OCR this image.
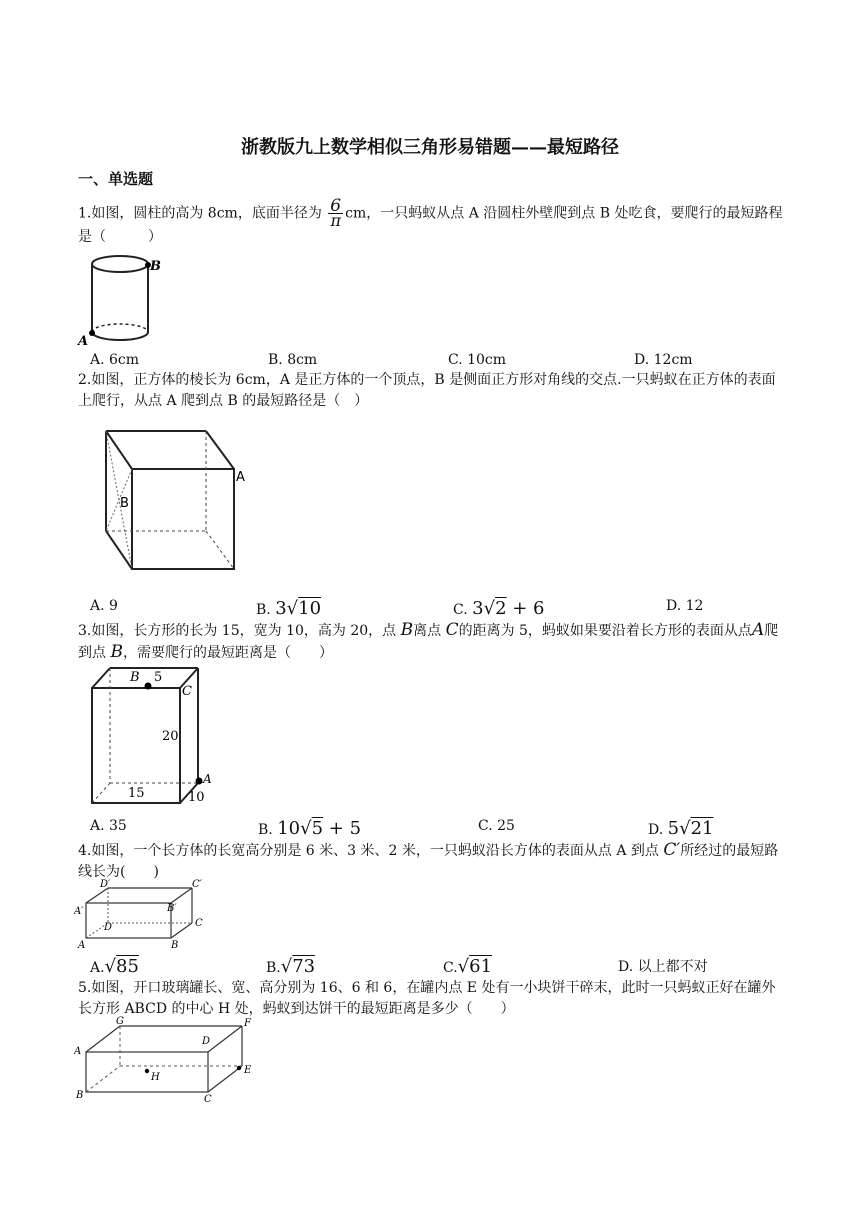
浙教版九上数学相似三角形易错题——最短路径
一、单选题
1.如图，圆柱的高为 8cm，底面半径为 $\frac{6}{\pi}$ cm，一只蚂蚁从点 A 沿圆柱外壁爬到点 B 处吃食，要爬行的最短路程是（　　　）
B
A
A. 6cm	B. 8cm	C. 10cm	D. 12cm
2.如图，正方体的棱长为 6cm，A 是正方体的一个顶点，B 是侧面正方形对角线的交点.一只蚂蚁在正方体的表面上爬行，从点 A 爬到点 B 的最短路径是（　）
B
A
A. 9	B. 3√10	C. 3√2 + 6	D. 12
3.如图，长方形的长为 15，宽为 10，高为 20，点 B离点 C的距离为 5，蚂蚁如果要沿着长方形的表面从点A爬到点 B，需要爬行的最短距离是（　　）
B 5
C
20
A
15	10
A. 35	B. 10√5 + 5	C. 25	D. 5√21
4.如图，一个长方体的长宽高分别是 6 米、3 米、2 米，一只蚂蚁沿长方体的表面从点 A 到点 C′所经过的最短路线长为(　　)
D′	C′
B′
A′
D	C
A	B
A.√85	B.√73	C.√61	D. 以上都不对
5.如图，开口玻璃罐长、宽、高分别为 16、6 和 6，在罐内点 E 处有一小块饼干碎末，此时一只蚂蚁正好在罐外长方形 ABCD 的中心 H 处，蚂蚁到达饼干的最短距离是多少（　　）
G	F
A
D
H
E
B	C
